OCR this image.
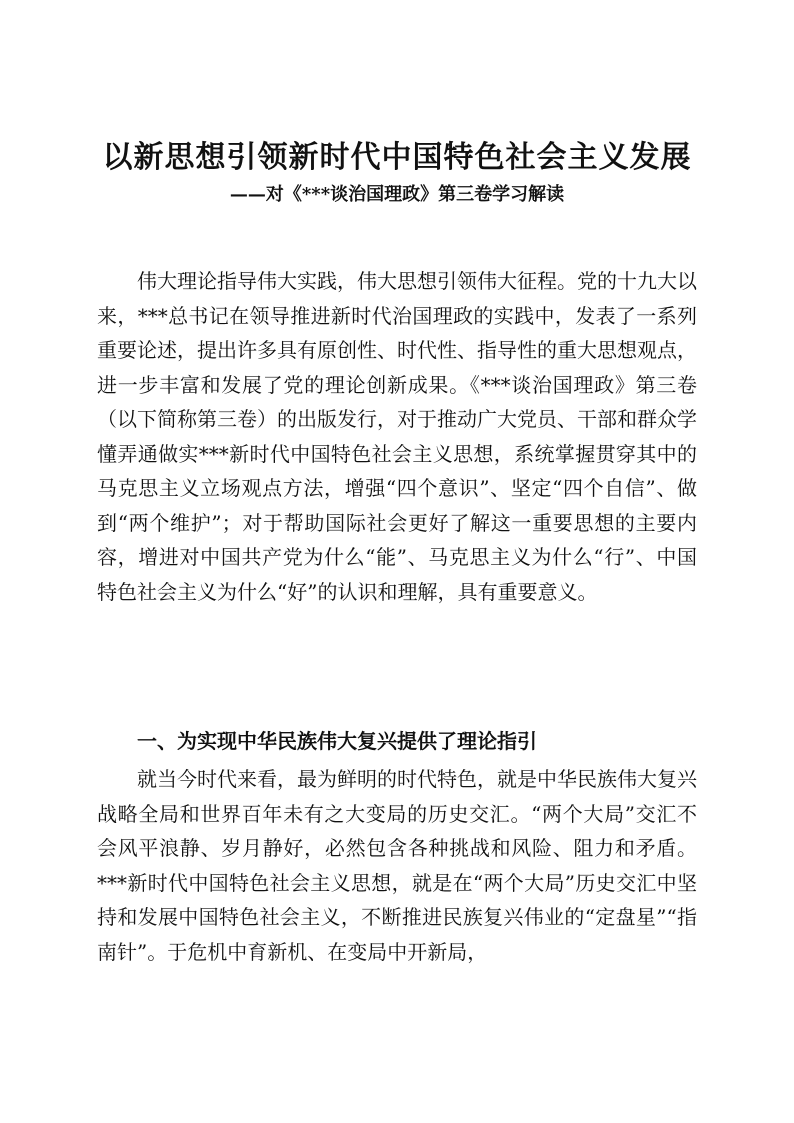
以新思想引领新时代中国特色社会主义发展
——对《***谈治国理政》第三卷学习解读

伟大理论指导伟大实践，伟大思想引领伟大征程。党的十九大以来，***总书记在领导推进新时代治国理政的实践中，发表了一系列重要论述，提出许多具有原创性、时代性、指导性的重大思想观点，进一步丰富和发展了党的理论创新成果。《***谈治国理政》第三卷（以下简称第三卷）的出版发行，对于推动广大党员、干部和群众学懂弄通做实***新时代中国特色社会主义思想，系统掌握贯穿其中的马克思主义立场观点方法，增强“四个意识”、坚定“四个自信”、做到“两个维护”；对于帮助国际社会更好了解这一重要思想的主要内容，增进对中国共产党为什么“能”、马克思主义为什么“行”、中国特色社会主义为什么“好”的认识和理解，具有重要意义。

一、为实现中华民族伟大复兴提供了理论指引

就当今时代来看，最为鲜明的时代特色，就是中华民族伟大复兴战略全局和世界百年未有之大变局的历史交汇。“两个大局”交汇不会风平浪静、岁月静好，必然包含各种挑战和风险、阻力和矛盾。***新时代中国特色社会主义思想，就是在“两个大局”历史交汇中坚持和发展中国特色社会主义，不断推进民族复兴伟业的“定盘星”“指南针”。于危机中育新机、在变局中开新局，
